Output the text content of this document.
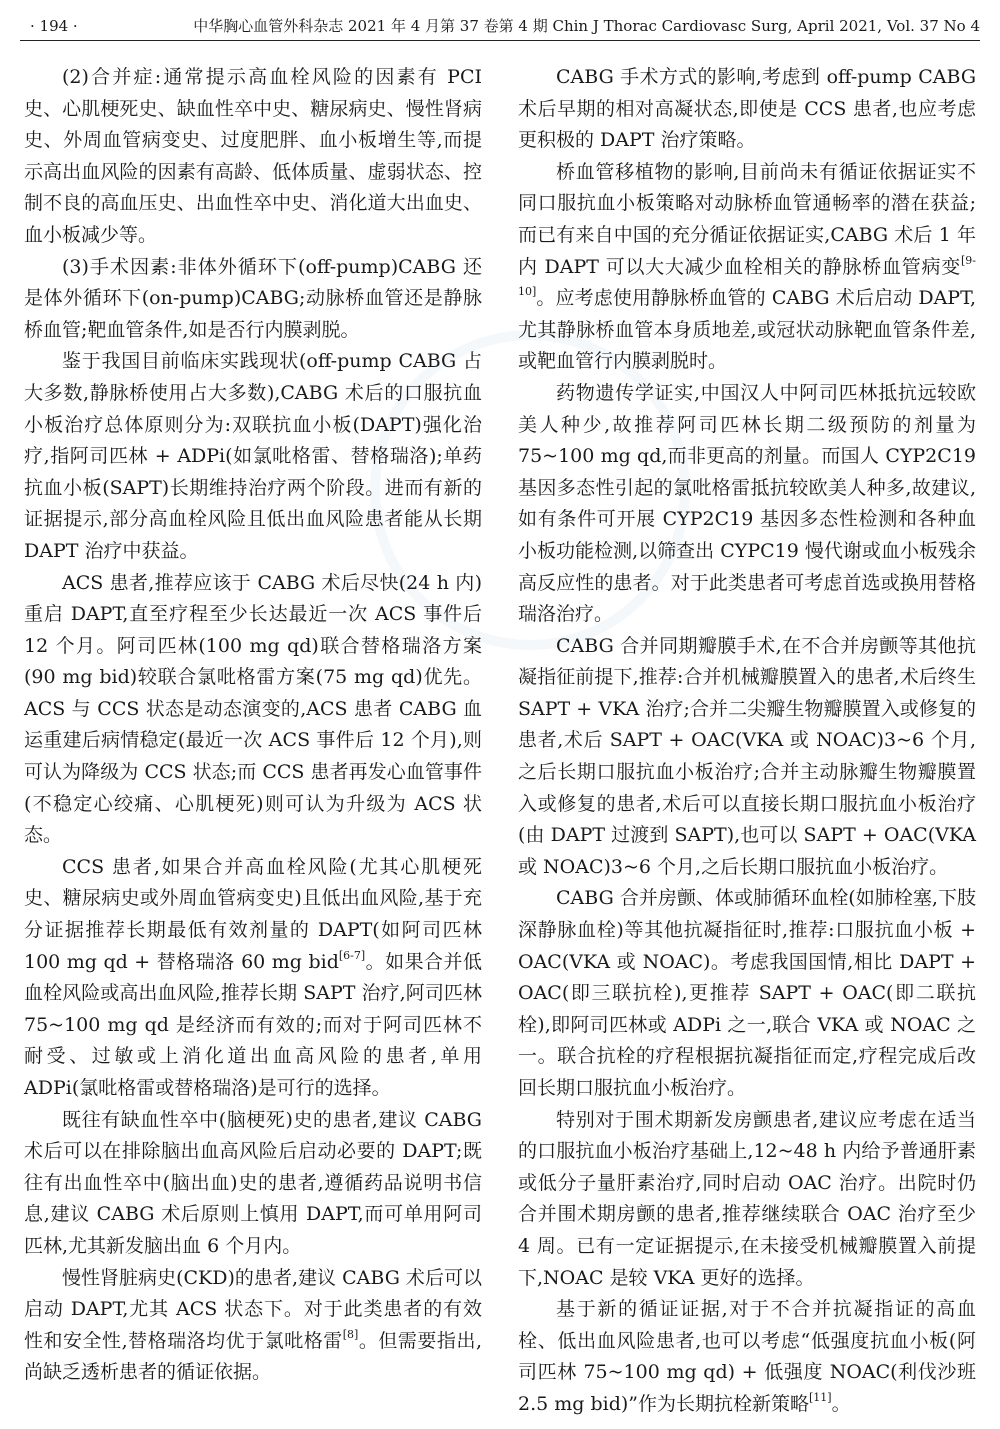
· 194 ·	中华胸心血管外科杂志 2021 年 4 月第 37 卷第 4 期 Chin J Thorac Cardiovasc Surg, April 2021, Vol. 37 No 4

(2)合并症:通常提示高血栓风险的因素有 PCI 史、心肌梗死史、缺血性卒中史、糖尿病史、慢性肾病史、外周血管病变史、过度肥胖、血小板增生等,而提示高出血风险的因素有高龄、低体质量、虚弱状态、控制不良的高血压史、出血性卒中史、消化道大出血史、血小板减少等。

(3)手术因素:非体外循环下(off-pump)CABG 还是体外循环下(on-pump)CABG;动脉桥血管还是静脉桥血管;靶血管条件,如是否行内膜剥脱。

鉴于我国目前临床实践现状(off-pump CABG 占大多数,静脉桥使用占大多数),CABG 术后的口服抗血小板治疗总体原则分为:双联抗血小板(DAPT)强化治疗,指阿司匹林 + ADPi(如氯吡格雷、替格瑞洛);单药抗血小板(SAPT)长期维持治疗两个阶段。进而有新的证据提示,部分高血栓风险且低出血风险患者能从长期 DAPT 治疗中获益。

ACS 患者,推荐应该于 CABG 术后尽快(24 h 内)重启 DAPT,直至疗程至少长达最近一次 ACS 事件后 12 个月。阿司匹林(100 mg qd)联合替格瑞洛方案(90 mg bid)较联合氯吡格雷方案(75 mg qd)优先。ACS 与 CCS 状态是动态演变的,ACS 患者 CABG 血运重建后病情稳定(最近一次 ACS 事件后 12 个月),则可认为降级为 CCS 状态;而 CCS 患者再发心血管事件(不稳定心绞痛、心肌梗死)则可认为升级为 ACS 状态。

CCS 患者,如果合并高血栓风险(尤其心肌梗死史、糖尿病史或外周血管病变史)且低出血风险,基于充分证据推荐长期最低有效剂量的 DAPT(如阿司匹林 100 mg qd + 替格瑞洛 60 mg bid[6-7]。如果合并低血栓风险或高出血风险,推荐长期 SAPT 治疗,阿司匹林 75~100 mg qd 是经济而有效的;而对于阿司匹林不耐受、过敏或上消化道出血高风险的患者,单用 ADPi(氯吡格雷或替格瑞洛)是可行的选择。

既往有缺血性卒中(脑梗死)史的患者,建议 CABG 术后可以在排除脑出血高风险后启动必要的 DAPT;既往有出血性卒中(脑出血)史的患者,遵循药品说明书信息,建议 CABG 术后原则上慎用 DAPT,而可单用阿司匹林,尤其新发脑出血 6 个月内。

慢性肾脏病史(CKD)的患者,建议 CABG 术后可以启动 DAPT,尤其 ACS 状态下。对于此类患者的有效性和安全性,替格瑞洛均优于氯吡格雷[8]。但需要指出,尚缺乏透析患者的循证依据。

CABG 手术方式的影响,考虑到 off-pump CABG 术后早期的相对高凝状态,即使是 CCS 患者,也应考虑更积极的 DAPT 治疗策略。

桥血管移植物的影响,目前尚未有循证依据证实不同口服抗血小板策略对动脉桥血管通畅率的潜在获益;而已有来自中国的充分循证依据证实,CABG 术后 1 年内 DAPT 可以大大减少血栓相关的静脉桥血管病变[9-10]。应考虑使用静脉桥血管的 CABG 术后启动 DAPT,尤其静脉桥血管本身质地差,或冠状动脉靶血管条件差,或靶血管行内膜剥脱时。

药物遗传学证实,中国汉人中阿司匹林抵抗远较欧美人种少,故推荐阿司匹林长期二级预防的剂量为 75~100 mg qd,而非更高的剂量。而国人 CYP2C19 基因多态性引起的氯吡格雷抵抗较欧美人种多,故建议,如有条件可开展 CYP2C19 基因多态性检测和各种血小板功能检测,以筛查出 CYPC19 慢代谢或血小板残余高反应性的患者。对于此类患者可考虑首选或换用替格瑞洛治疗。

CABG 合并同期瓣膜手术,在不合并房颤等其他抗凝指征前提下,推荐:合并机械瓣膜置入的患者,术后终生 SAPT + VKA 治疗;合并二尖瓣生物瓣膜置入或修复的患者,术后 SAPT + OAC(VKA 或 NOAC)3~6 个月,之后长期口服抗血小板治疗;合并主动脉瓣生物瓣膜置入或修复的患者,术后可以直接长期口服抗血小板治疗(由 DAPT 过渡到 SAPT),也可以 SAPT + OAC(VKA 或 NOAC)3~6 个月,之后长期口服抗血小板治疗。

CABG 合并房颤、体或肺循环血栓(如肺栓塞,下肢深静脉血栓)等其他抗凝指征时,推荐:口服抗血小板 + OAC(VKA 或 NOAC)。考虑我国国情,相比 DAPT + OAC(即三联抗栓),更推荐 SAPT + OAC(即二联抗栓),即阿司匹林或 ADPi 之一,联合 VKA 或 NOAC 之一。联合抗栓的疗程根据抗凝指征而定,疗程完成后改回长期口服抗血小板治疗。

特别对于围术期新发房颤患者,建议应考虑在适当的口服抗血小板治疗基础上,12~48 h 内给予普通肝素或低分子量肝素治疗,同时启动 OAC 治疗。出院时仍合并围术期房颤的患者,推荐继续联合 OAC 治疗至少 4 周。已有一定证据提示,在未接受机械瓣膜置入前提下,NOAC 是较 VKA 更好的选择。

基于新的循证证据,对于不合并抗凝指证的高血栓、低出血风险患者,也可以考虑“低强度抗血小板(阿司匹林 75~100 mg qd) + 低强度 NOAC(利伐沙班 2.5 mg bid)”作为长期抗栓新策略[11]。
